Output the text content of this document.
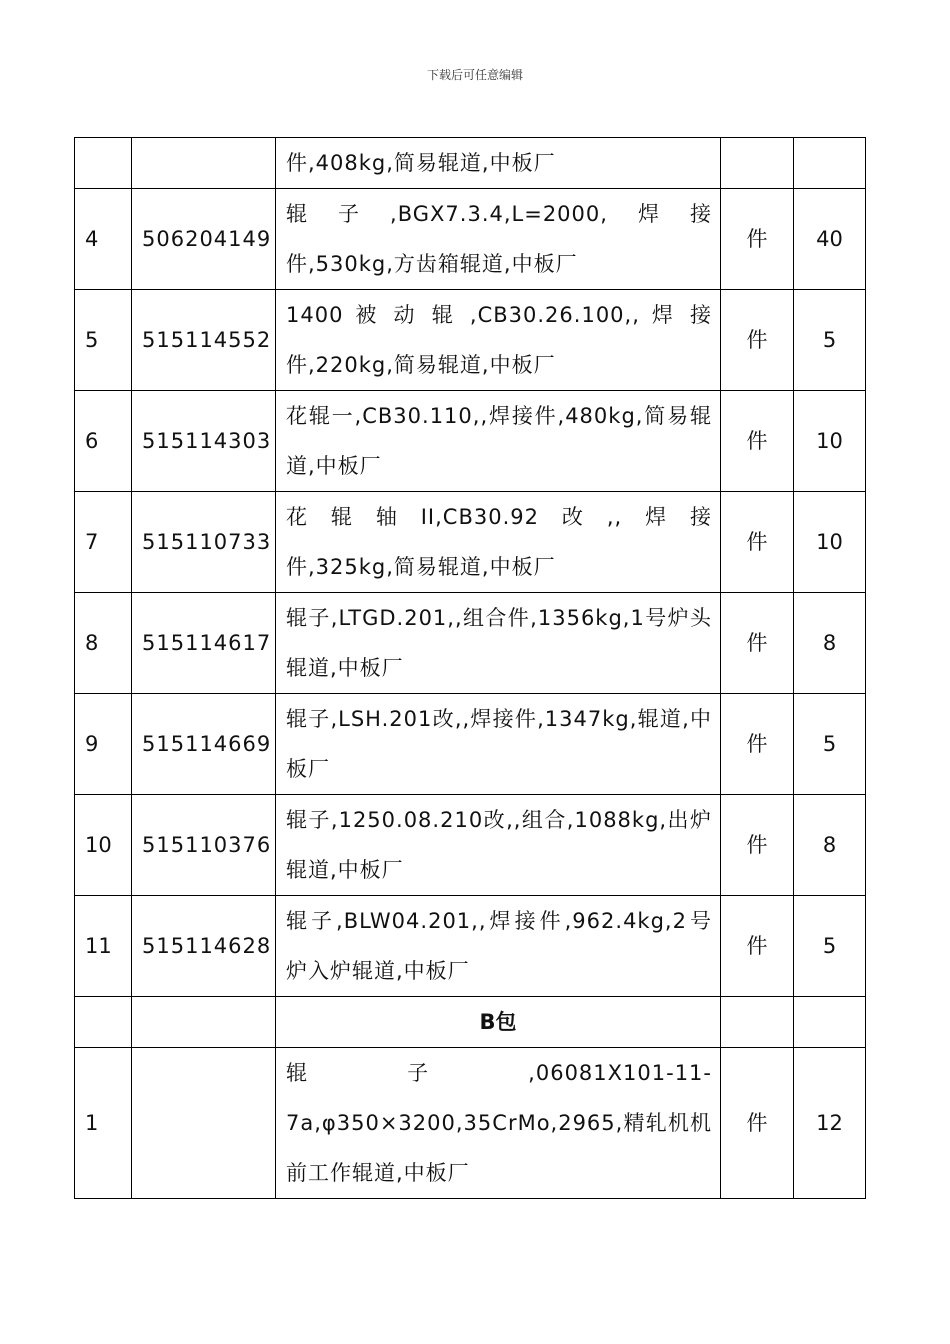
下载后可任意编辑
		件,408kg,简易辊道,中板厂		
4	506204149	辊　子　,BGX7.3.4,L=2000,　焊　接件,530kg,方齿箱辊道,中板厂	件	40
5	515114552	1400 被 动 辊 ,CB30.26.100,, 焊 接件,220kg,简易辊道,中板厂	件	5
6	515114303	花辊一,CB30.110,,焊接件,480kg,简易辊道,中板厂	件	10
7	515110733	花　辊　轴　II,CB30.92　改　,,　焊　接件,325kg,简易辊道,中板厂	件	10
8	515114617	辊子,LTGD.201,,组合件,1356kg,1号炉头辊道,中板厂	件	8
9	515114669	辊子,LSH.201改,,焊接件,1347kg,辊道,中板厂	件	5
10	515110376	辊子,1250.08.210改,,组合,1088kg,出炉辊道,中板厂	件	8
11	515114628	辊子,BLW04.201,,焊接件,962.4kg,2号炉入炉辊道,中板厂	件	5
		B包		
1		辊　　　　子　　　　,06081X101-11-7a,φ350×3200,35CrMo,2965,精轧机机前工作辊道,中板厂	件	12
